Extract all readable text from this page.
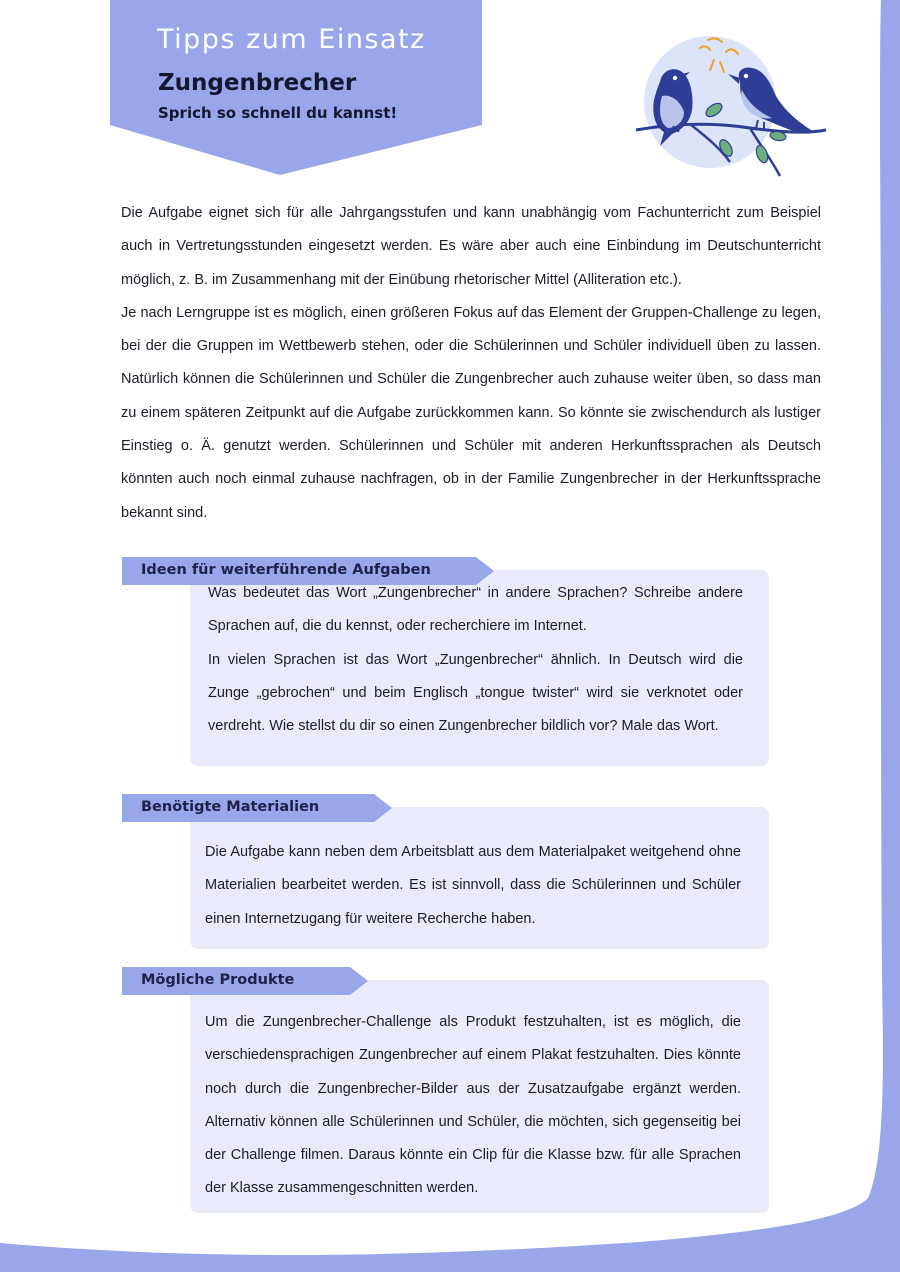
Tipps zum Einsatz
Zungenbrecher

Sprich so schnell du kannst!

Die Aufgabe eignet sich für alle Jahrgangsstufen und kann unabhängig vom Fachunterricht zum Beispiel auch in Vertretungsstunden eingesetzt werden. Es wäre aber auch eine Einbindung im Deutschunterricht möglich, z. B. im Zusammenhang mit der Einübung rhetorischer Mittel (Alliteration etc.).

Je nach Lerngruppe ist es möglich, einen größeren Fokus auf das Element der Gruppen-Challenge zu legen, bei der die Gruppen im Wettbewerb stehen, oder die Schülerinnen und Schüler individuell üben zu lassen. Natürlich können die Schülerinnen und Schüler die Zungenbrecher auch zuhause weiter üben, so dass man zu einem späteren Zeitpunkt auf die Aufgabe zurückkommen kann. So könnte sie zwischendurch als lustiger Einstieg o. Ä. genutzt werden. Schülerinnen und Schüler mit anderen Herkunftssprachen als Deutsch könnten auch noch einmal zuhause nachfragen, ob in der Familie Zungenbrecher in der Herkunftssprache bekannt sind.

Was bedeutet das Wort „Zungenbrecher“ in andere Sprachen? Schreibe andere Sprachen auf, die du kennst, oder recherchiere im Internet.

In vielen Sprachen ist das Wort „Zungenbrecher“ ähnlich. In Deutsch wird die Zunge „gebrochen“ und beim Englisch „tongue twister“ wird sie verknotet oder verdreht. Wie stellst du dir so einen Zungenbrecher bildlich vor? Male das Wort.

Ideen für weiterführende Aufgaben

Die Aufgabe kann neben dem Arbeitsblatt aus dem Materialpaket weitgehend ohne Materialien bearbeitet werden. Es ist sinnvoll, dass die Schülerinnen und Schüler einen Internetzugang für weitere Recherche haben.

Benötigte Materialien

Um die Zungenbrecher-Challenge als Produkt festzuhalten, ist es möglich, die verschiedensprachigen Zungenbrecher auf einem Plakat festzuhalten. Dies könnte noch durch die Zungenbrecher-Bilder aus der Zusatzaufgabe ergänzt werden. Alternativ können alle Schülerinnen und Schüler, die möchten, sich gegenseitig bei der Challenge filmen. Daraus könnte ein Clip für die Klasse bzw. für alle Sprachen der Klasse zusammengeschnitten werden.

Mögliche Produkte
